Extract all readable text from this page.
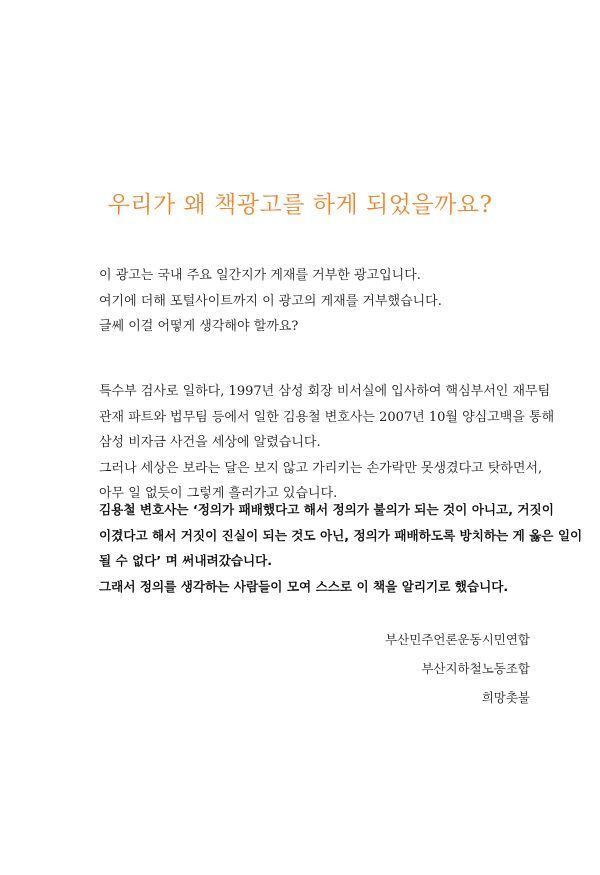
우리가 왜 책광고를 하게 되었을까요?
이 광고는 국내 주요 일간지가 게재를 거부한 광고입니다.
여기에 더해 포털사이트까지 이 광고의 게재를 거부했습니다.
글쎄 이걸 어떻게 생각해야 할까요?
특수부 검사로 일하다, 1997년 삼성 회장 비서실에 입사하여 핵심부서인 재무팀
관재 파트와 법무팀 등에서 일한 김용철 변호사는 2007년 10월 양심고백을 통해
삼성 비자금 사건을 세상에 알렸습니다.
그러나 세상은 보라는 달은 보지 않고 가리키는 손가락만 못생겼다고 탓하면서,
아무 일 없듯이 그렇게 흘러가고 있습니다.
김용철 변호사는 ‘정의가 패배했다고 해서 정의가 불의가 되는 것이 아니고, 거짓이
이겼다고 해서 거짓이 진실이 되는 것도 아닌, 정의가 패배하도록 방치하는 게 옳은 일이
될 수 없다’ 며 써내려갔습니다.
그래서 정의를 생각하는 사람들이 모여 스스로 이 책을 알리기로 했습니다.
부산민주언론운동시민연합
부산지하철노동조합
희망촛불
